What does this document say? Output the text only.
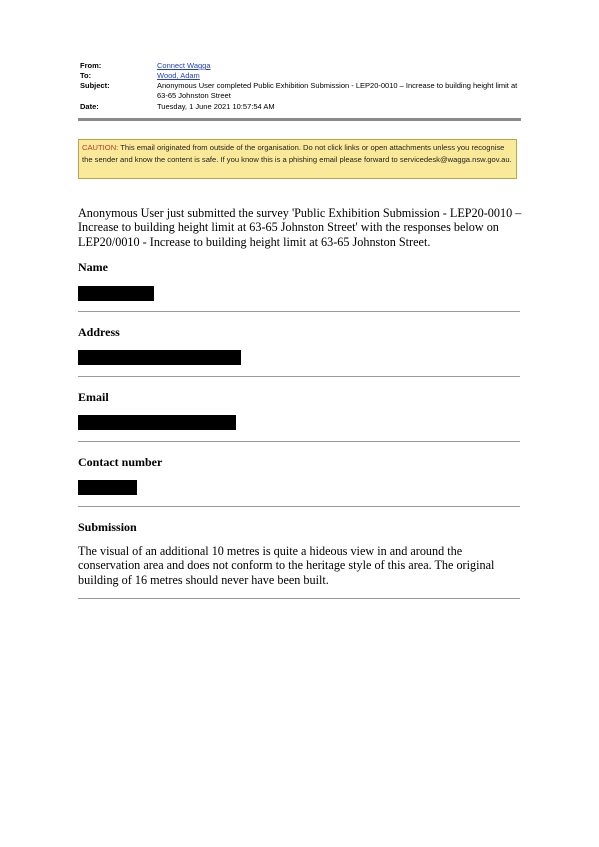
From:	Connect Wagga
To:	Wood, Adam
Subject:	Anonymous User completed Public Exhibition Submission - LEP20-0010 – Increase to building height limit at 63-65 Johnston Street
Date:	Tuesday, 1 June 2021 10:57:54 AM
CAUTION: This email originated from outside of the organisation. Do not click links or open attachments unless you recognise the sender and know the content is safe. If you know this is a phishing email please forward to servicedesk@wagga.nsw.gov.au.
Anonymous User just submitted the survey 'Public Exhibition Submission - LEP20-0010 – Increase to building height limit at 63-65 Johnston Street' with the responses below on LEP20/0010 - Increase to building height limit at 63-65 Johnston Street.
Name
Address
Email
Contact number
Submission
The visual of an additional 10 metres is quite a hideous view in and around the conservation area and does not conform to the heritage style of this area. The original building of 16 metres should never have been built.
